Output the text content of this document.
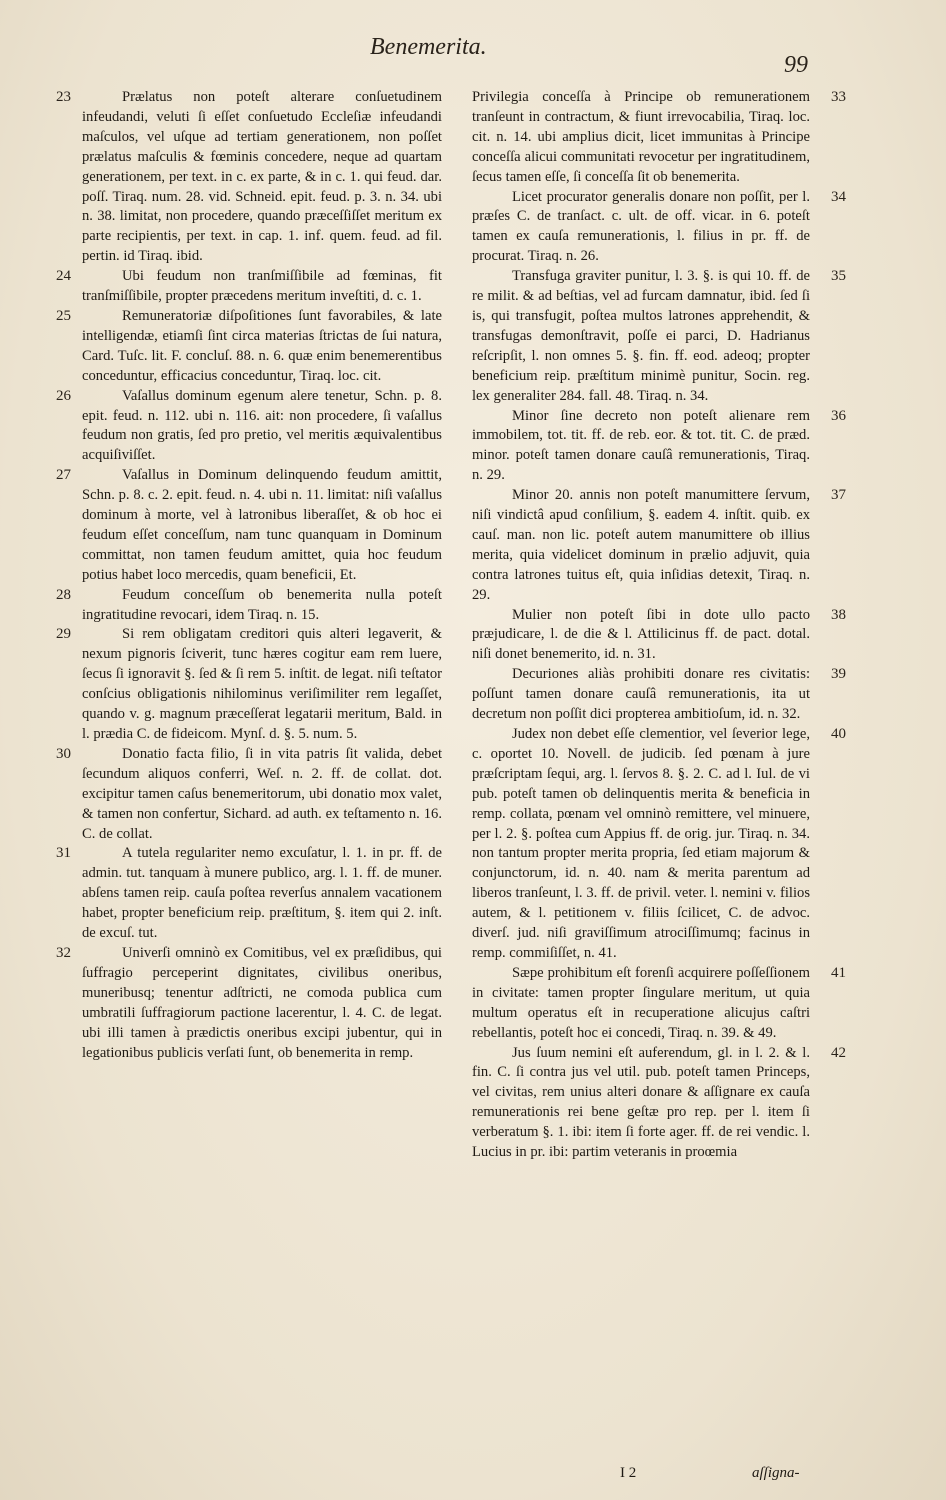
Benemerita.
99
23	Prælatus non poteſt alterare conſuetudinem infeudandi, veluti ſi eſſet conſuetudo Eccleſiæ infeudandi maſculos, vel uſque ad tertiam generationem, non poſſet prælatus maſculis & fœminis concedere, neque ad quartam generationem, per text. in c. ex parte, & in c. 1. qui feud. dar. poſſ. Tiraq. num. 28. vid. Schneid. epit. feud. p. 3. n. 34. ubi n. 38. limitat, non procedere, quando præceſſiſſet meritum ex parte recipientis, per text. in cap. 1. inf. quem. feud. ad fil. pertin. id Tiraq. ibid.
24	Ubi feudum non tranſmiſſibile ad fœminas, fit tranſmiſſibile, propter præcedens meritum inveſtiti, d. c. 1.
25	Remuneratoriæ diſpoſitiones ſunt favorabiles, & late intelligendæ, etiamſi ſint circa materias ſtrictas de ſui natura, Card. Tuſc. lit. F. concluſ. 88. n. 6. quæ enim benemerentibus conceduntur, efficacius conceduntur, Tiraq. loc. cit.
26	Vaſallus dominum egenum alere tenetur, Schn. p. 8. epit. feud. n. 112. ubi n. 116. ait: non procedere, ſi vaſallus feudum non gratis, ſed pro pretio, vel meritis æquivalentibus acquiſiviſſet.
27	Vaſallus in Dominum delinquendo feudum amittit, Schn. p. 8. c. 2. epit. feud. n. 4. ubi n. 11. limitat: niſi vaſallus dominum à morte, vel à latronibus liberaſſet, & ob hoc ei feudum eſſet conceſſum, nam tunc quanquam in Dominum committat, non tamen feudum amittet, quia hoc feudum potius habet loco mercedis, quam beneficii, Et.
28	Feudum conceſſum ob benemerita nulla poteſt ingratitudine revocari, idem Tiraq. n. 15.
29	Si rem obligatam creditori quis alteri legaverit, & nexum pignoris ſciverit, tunc hæres cogitur eam rem luere, ſecus ſi ignoravit §. ſed & ſi rem 5. inſtit. de legat. niſi teſtator conſcius obligationis nihilominus veriſimiliter rem legaſſet, quando v. g. magnum præceſſerat legatarii meritum, Bald. in l. prædia C. de fideicom. Mynſ. d. §. 5. num. 5.
30	Donatio facta filio, ſi in vita patris ſit valida, debet ſecundum aliquos conferri, Weſ. n. 2. ff. de collat. dot. excipitur tamen caſus benemeritorum, ubi donatio mox valet, & tamen non confertur, Sichard. ad auth. ex teſtamento n. 16. C. de collat.
31	A tutela regulariter nemo excuſatur, l. 1. in pr. ff. de admin. tut. tanquam à munere publico, arg. l. 1. ff. de muner. abſens tamen reip. cauſa poſtea reverſus annalem vacationem habet, propter beneficium reip. præſtitum, §. item qui 2. inſt. de excuſ. tut.
32	Univerſi omninò ex Comitibus, vel ex præſidibus, qui ſuffragio perceperint dignitates, civilibus oneribus, muneribusq; tenentur adſtricti, ne comoda publica cum umbratili ſuffragiorum pactione lacerentur, l. 4. C. de legat. ubi illi tamen à prædictis oneribus excipi jubentur, qui in legationibus publicis verſati ſunt, ob benemerita in remp.
33
Privilegia conceſſa à Principe ob remunerationem tranſeunt in contractum, & fiunt irrevocabilia, Tiraq. loc. cit. n. 14. ubi amplius dicit, licet immunitas à Principe conceſſa alicui communitati revocetur per ingratitudinem, ſecus tamen eſſe, ſi conceſſa ſit ob benemerita.
34
Licet procurator generalis donare non poſſit, per l. præſes C. de tranſact. c. ult. de off. vicar. in 6. poteſt tamen ex cauſa remunerationis, l. filius in pr. ff. de procurat. Tiraq. n. 26.
35
Transfuga graviter punitur, l. 3. §. is qui 10. ff. de re milit. & ad beſtias, vel ad furcam damnatur, ibid. ſed ſi is, qui transfugit, poſtea multos latrones apprehendit, & transfugas demonſtravit, poſſe ei parci, D. Hadrianus reſcripſit, l. non omnes 5. §. fin. ff. eod. adeoq; propter beneficium reip. præſtitum minimè punitur, Socin. reg. lex generaliter 284. fall. 48. Tiraq. n. 34.
36
Minor ſine decreto non poteſt alienare rem immobilem, tot. tit. ff. de reb. eor. & tot. tit. C. de præd. minor. poteſt tamen donare cauſâ remunerationis, Tiraq. n. 29.
37
Minor 20. annis non poteſt manumittere ſervum, niſi vindictâ apud conſilium, §. eadem 4. inſtit. quib. ex cauſ. man. non lic. poteſt autem manumittere ob illius merita, quia videlicet dominum in prælio adjuvit, quia contra latrones tuitus eſt, quia inſidias detexit, Tiraq. n. 29.
38
Mulier non poteſt ſibi in dote ullo pacto præjudicare, l. de die & l. Attilicinus ff. de pact. dotal. niſi donet benemerito, id. n. 31.
39
Decuriones aliàs prohibiti donare res civitatis: poſſunt tamen donare cauſâ remunerationis, ita ut decretum non poſſit dici propterea ambitioſum, id. n. 32.
40
Judex non debet eſſe clementior, vel ſeverior lege, c. oportet 10. Novell. de judicib. ſed pœnam à jure præſcriptam ſequi, arg. l. ſervos 8. §. 2. C. ad l. Iul. de vi pub. poteſt tamen ob delinquentis merita & beneficia in remp. collata, pœnam vel omninò remittere, vel minuere, per l. 2. §. poſtea cum Appius ff. de orig. jur. Tiraq. n. 34. non tantum propter merita propria, ſed etiam majorum & conjunctorum, id. n. 40. nam & merita parentum ad liberos tranſeunt, l. 3. ff. de privil. veter. l. nemini v. filios autem, & l. petitionem v. filiis ſcilicet, C. de advoc. diverſ. jud. niſi graviſſimum atrociſſimumq; facinus in remp. commiſiſſet, n. 41.
41
Sæpe prohibitum eſt forenſi acquirere poſſeſſionem in civitate: tamen propter ſingulare meritum, ut quia multum operatus eſt in recuperatione alicujus caſtri rebellantis, poteſt hoc ei concedi, Tiraq. n. 39. & 49.
42
Jus ſuum nemini eſt auferendum, gl. in l. 2. & l. fin. C. ſi contra jus vel util. pub. poteſt tamen Princeps, vel civitas, rem unius alteri donare & aſſignare ex cauſa remunerationis rei bene geſtæ pro rep. per l. item ſi verberatum §. 1. ibi: item ſi forte ager. ff. de rei vendic. l. Lucius in pr. ibi: partim veteranis in proœmia
I 2	aſſigna-
